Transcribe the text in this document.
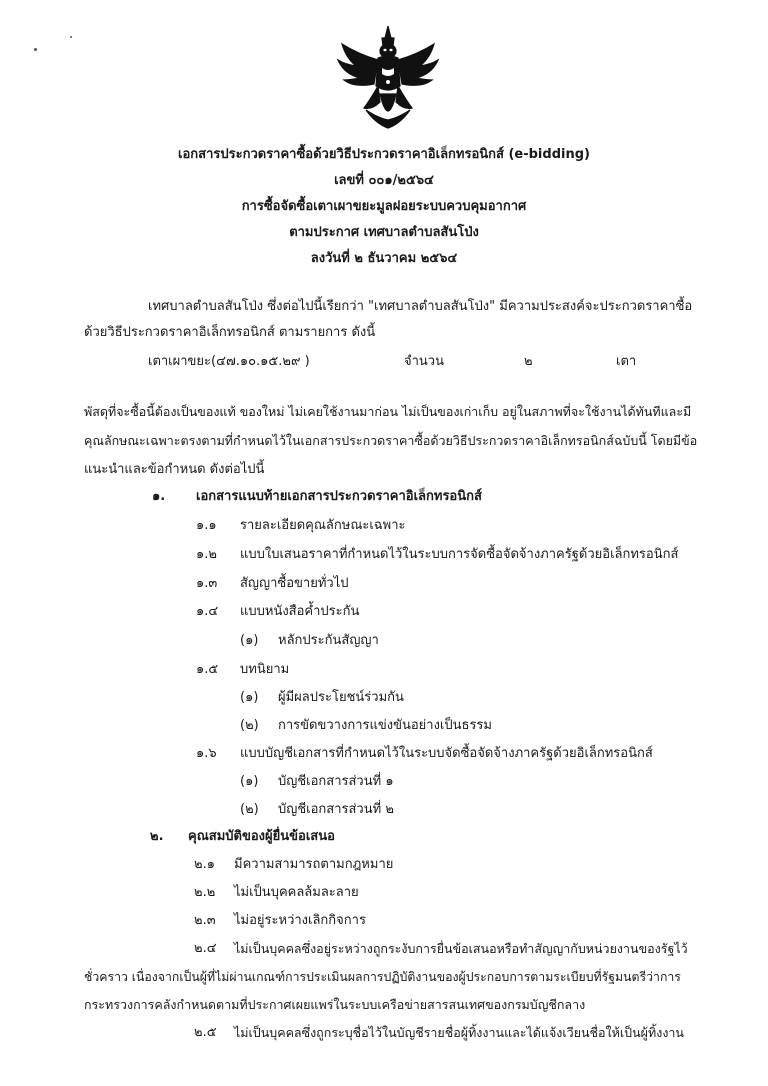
เอกสารประกวดราคาซื้อด้วยวิธีประกวดราคาอิเล็กทรอนิกส์ (e-bidding)
เลขที่ ๐๐๑/๒๕๖๔
การซื้อจัดซื้อเตาเผาขยะมูลฝอยระบบควบคุมอากาศ
ตามประกาศ เทศบาลตำบลสันโป่ง
ลงวันที่ ๒ ธันวาคม ๒๕๖๔
เทศบาลตำบลสันโป่ง ซึ่งต่อไปนี้เรียกว่า "เทศบาลตำบลสันโป่ง" มีความประสงค์จะประกวดราคาซื้อ
ด้วยวิธีประกวดราคาอิเล็กทรอนิกส์ ตามรายการ ดังนี้
เตาเผาขยะ(๔๗.๑๐.๑๕.๒๙ )	จำนวน	๒	เตา
พัสดุที่จะซื้อนี้ต้องเป็นของแท้ ของใหม่ ไม่เคยใช้งานมาก่อน ไม่เป็นของเก่าเก็บ อยู่ในสภาพที่จะใช้งานได้ทันทีและมี
คุณลักษณะเฉพาะตรงตามที่กำหนดไว้ในเอกสารประกวดราคาซื้อด้วยวิธีประกวดราคาอิเล็กทรอนิกส์ฉบับนี้ โดยมีข้อ
แนะนำและข้อกำหนด ดังต่อไปนี้
๑. เอกสารแนบท้ายเอกสารประกวดราคาอิเล็กทรอนิกส์
๑.๑ รายละเอียดคุณลักษณะเฉพาะ
๑.๒ แบบใบเสนอราคาที่กำหนดไว้ในระบบการจัดซื้อจัดจ้างภาครัฐด้วยอิเล็กทรอนิกส์
๑.๓ สัญญาซื้อขายทั่วไป
๑.๔ แบบหนังสือค้ำประกัน
(๑) หลักประกันสัญญา
๑.๕ บทนิยาม
(๑) ผู้มีผลประโยชน์ร่วมกัน
(๒) การขัดขวางการแข่งขันอย่างเป็นธรรม
๑.๖ แบบบัญชีเอกสารที่กำหนดไว้ในระบบจัดซื้อจัดจ้างภาครัฐด้วยอิเล็กทรอนิกส์
(๑) บัญชีเอกสารส่วนที่ ๑
(๒) บัญชีเอกสารส่วนที่ ๒
๒. คุณสมบัติของผู้ยื่นข้อเสนอ
๒.๑ มีความสามารถตามกฎหมาย
๒.๒ ไม่เป็นบุคคลล้มละลาย
๒.๓ ไม่อยู่ระหว่างเลิกกิจการ
๒.๔ ไม่เป็นบุคคลซึ่งอยู่ระหว่างถูกระงับการยื่นข้อเสนอหรือทำสัญญากับหน่วยงานของรัฐไว้
ชั่วคราว เนื่องจากเป็นผู้ที่ไม่ผ่านเกณฑ์การประเมินผลการปฏิบัติงานของผู้ประกอบการตามระเบียบที่รัฐมนตรีว่าการ
กระทรวงการคลังกำหนดตามที่ประกาศเผยแพร่ในระบบเครือข่ายสารสนเทศของกรมบัญชีกลาง
๒.๕ ไม่เป็นบุคคลซึ่งถูกระบุชื่อไว้ในบัญชีรายชื่อผู้ทิ้งงานและได้แจ้งเวียนชื่อให้เป็นผู้ทิ้งงาน
